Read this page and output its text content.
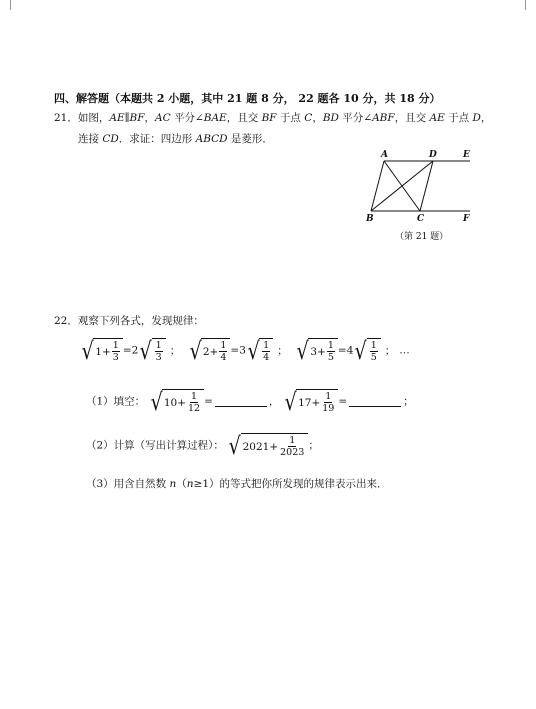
四、解答题（本题共 2 小题，其中 21 题 8 分， 22 题各 10 分，共 18 分）
21．如图，AE∥BF，AC 平分∠BAE，且交 BF 于点 C，BD 平分∠ABF，且交 AE 于点 D，
连接 CD．求证：四边形 ABCD 是菱形．
A	D	E
B	C	F
（第 21 题）
22．观察下列各式，发现规律：
√ $1 + \frac{1}{3} =2$ √ $\frac{1}{3}$ ； √ $2 + \frac{1}{4} =3$ √ $\frac{1}{4}$ ； √ $3 + \frac{1}{5} =4$ √ $\frac{1}{5}$ ； …
（1）填空： √ $10 + \frac{1}{12}$ =	， √ $17 + \frac{1}{19}$ =	；
（2）计算（写出计算过程）： √ $2021 + \frac{1}{2023}$ ；
（3）用含自然数 n（n≥1）的等式把你所发现的规律表示出来．
